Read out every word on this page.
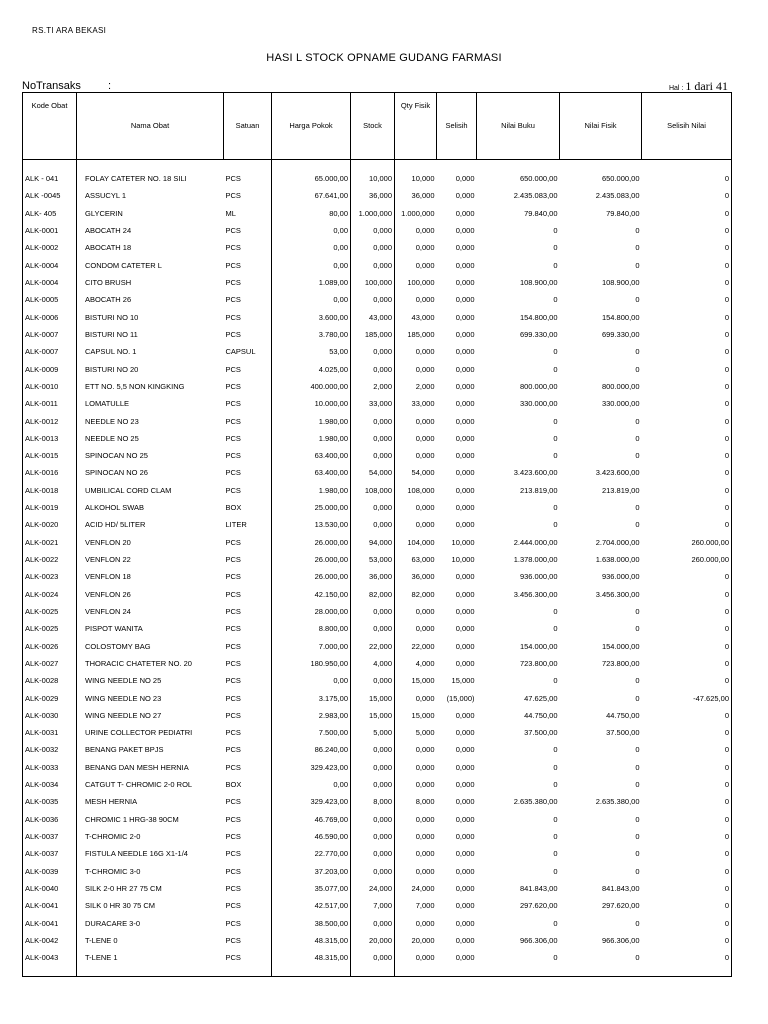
RS.TI ARA BEKASI
HASI L STOCK OPNAME GUDANG FARMASI
NoTransaks :	Hal : 1 dari 41
Kode Obat	Nama Obat	Satuan	Harga Pokok	Stock	Qty Fisik	Selisih	Nilai Buku	Nilai Fisik	Selisih Nilai

ALK - 041	FOLAY CATETER NO. 18 SILI	PCS	65.000,00	10,000	10,000	0,000	650.000,00	650.000,00	0
ALK -0045	ASSUCYL 1	PCS	67.641,00	36,000	36,000	0,000	2.435.083,00	2.435.083,00	0
ALK- 405	GLYCERIN	ML	80,00	1.000,000	1.000,000	0,000	79.840,00	79.840,00	0
ALK-0001	ABOCATH 24	PCS	0,00	0,000	0,000	0,000	0	0	0
ALK-0002	ABOCATH 18	PCS	0,00	0,000	0,000	0,000	0	0	0
ALK-0004	CONDOM CATETER L	PCS	0,00	0,000	0,000	0,000	0	0	0
ALK-0004	CITO BRUSH	PCS	1.089,00	100,000	100,000	0,000	108.900,00	108.900,00	0
ALK-0005	ABOCATH 26	PCS	0,00	0,000	0,000	0,000	0	0	0
ALK-0006	BISTURI NO 10	PCS	3.600,00	43,000	43,000	0,000	154.800,00	154.800,00	0
ALK-0007	BISTURI NO 11	PCS	3.780,00	185,000	185,000	0,000	699.330,00	699.330,00	0
ALK-0007	CAPSUL NO. 1	CAPSUL	53,00	0,000	0,000	0,000	0	0	0
ALK-0009	BISTURI NO 20	PCS	4.025,00	0,000	0,000	0,000	0	0	0
ALK-0010	ETT NO. 5,5 NON KINGKING	PCS	400.000,00	2,000	2,000	0,000	800.000,00	800.000,00	0
ALK-0011	LOMATULLE	PCS	10.000,00	33,000	33,000	0,000	330.000,00	330.000,00	0
ALK-0012	NEEDLE NO 23	PCS	1.980,00	0,000	0,000	0,000	0	0	0
ALK-0013	NEEDLE NO 25	PCS	1.980,00	0,000	0,000	0,000	0	0	0
ALK-0015	SPINOCAN NO 25	PCS	63.400,00	0,000	0,000	0,000	0	0	0
ALK-0016	SPINOCAN NO 26	PCS	63.400,00	54,000	54,000	0,000	3.423.600,00	3.423.600,00	0
ALK-0018	UMBILICAL CORD CLAM	PCS	1.980,00	108,000	108,000	0,000	213.819,00	213.819,00	0
ALK-0019	ALKOHOL SWAB	BOX	25.000,00	0,000	0,000	0,000	0	0	0
ALK-0020	ACID HD/ 5LITER	LITER	13.530,00	0,000	0,000	0,000	0	0	0
ALK-0021	VENFLON 20	PCS	26.000,00	94,000	104,000	10,000	2.444.000,00	2.704.000,00	260.000,00
ALK-0022	VENFLON 22	PCS	26.000,00	53,000	63,000	10,000	1.378.000,00	1.638.000,00	260.000,00
ALK-0023	VENFLON 18	PCS	26.000,00	36,000	36,000	0,000	936.000,00	936.000,00	0
ALK-0024	VENFLON 26	PCS	42.150,00	82,000	82,000	0,000	3.456.300,00	3.456.300,00	0
ALK-0025	VENFLON 24	PCS	28.000,00	0,000	0,000	0,000	0	0	0
ALK-0025	PISPOT WANITA	PCS	8.800,00	0,000	0,000	0,000	0	0	0
ALK-0026	COLOSTOMY BAG	PCS	7.000,00	22,000	22,000	0,000	154.000,00	154.000,00	0
ALK-0027	THORACIC CHATETER NO. 20	PCS	180.950,00	4,000	4,000	0,000	723.800,00	723.800,00	0
ALK-0028	WING NEEDLE NO 25	PCS	0,00	0,000	15,000	15,000	0	0	0
ALK-0029	WING NEEDLE NO 23	PCS	3.175,00	15,000	0,000	(15,000)	47.625,00	0	-47.625,00
ALK-0030	WING NEEDLE NO 27	PCS	2.983,00	15,000	15,000	0,000	44.750,00	44.750,00	0
ALK-0031	URINE COLLECTOR PEDIATRI	PCS	7.500,00	5,000	5,000	0,000	37.500,00	37.500,00	0
ALK-0032	BENANG PAKET BPJS	PCS	86.240,00	0,000	0,000	0,000	0	0	0
ALK-0033	BENANG DAN MESH HERNIA	PCS	329.423,00	0,000	0,000	0,000	0	0	0
ALK-0034	CATGUT T- CHROMIC 2-0 ROL	BOX	0,00	0,000	0,000	0,000	0	0	0
ALK-0035	MESH HERNIA	PCS	329.423,00	8,000	8,000	0,000	2.635.380,00	2.635.380,00	0
ALK-0036	CHROMIC 1 HRG-38 90CM	PCS	46.769,00	0,000	0,000	0,000	0	0	0
ALK-0037	T-CHROMIC 2-0	PCS	46.590,00	0,000	0,000	0,000	0	0	0
ALK-0037	FISTULA NEEDLE 16G X1-1/4	PCS	22.770,00	0,000	0,000	0,000	0	0	0
ALK-0039	T-CHROMIC 3-0	PCS	37.203,00	0,000	0,000	0,000	0	0	0
ALK-0040	SILK 2-0 HR 27 75 CM	PCS	35.077,00	24,000	24,000	0,000	841.843,00	841.843,00	0
ALK-0041	SILK 0 HR 30 75 CM	PCS	42.517,00	7,000	7,000	0,000	297.620,00	297.620,00	0
ALK-0041	DURACARE 3-0	PCS	38.500,00	0,000	0,000	0,000	0	0	0
ALK-0042	T-LENE 0	PCS	48.315,00	20,000	20,000	0,000	966.306,00	966.306,00	0
ALK-0043	T-LENE 1	PCS	48.315,00	0,000	0,000	0,000	0	0	0
